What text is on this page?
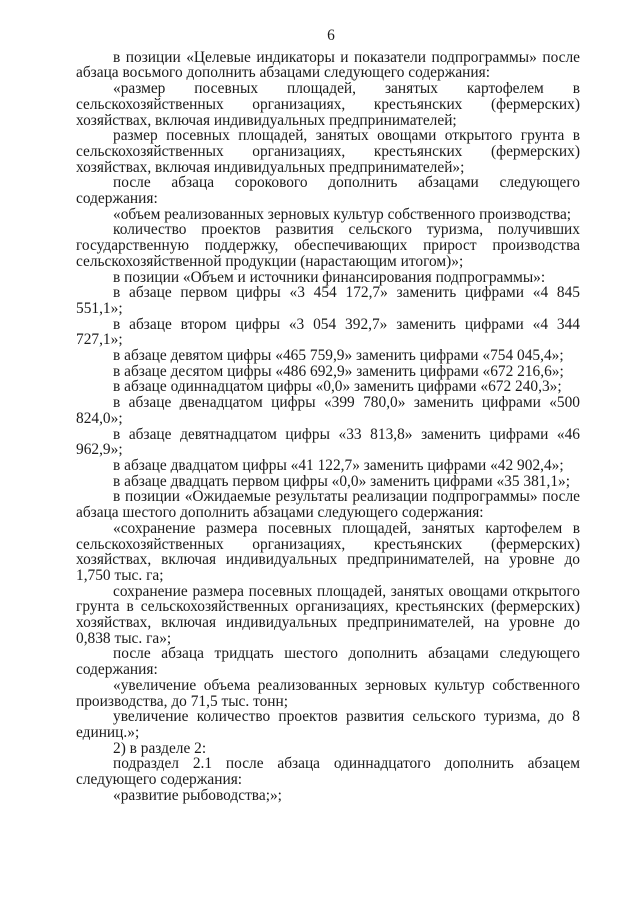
6

в позиции «Целевые индикаторы и показатели подпрограммы» после абзаца восьмого дополнить абзацами следующего содержания:

«размер посевных площадей, занятых картофелем в сельскохозяйственных организациях, крестьянских (фермерских) хозяйствах, включая индивидуальных предпринимателей;

размер посевных площадей, занятых овощами открытого грунта в сельскохозяйственных организациях, крестьянских (фермерских) хозяйствах, включая индивидуальных предпринимателей»;

после абзаца сорокового дополнить абзацами следующего содержания:

«объем реализованных зерновых культур собственного производства;

количество проектов развития сельского туризма, получивших государственную поддержку, обеспечивающих прирост производства сельскохозяйственной продукции (нарастающим итогом)»;

в позиции «Объем и источники финансирования подпрограммы»:

в абзаце первом цифры «3 454 172,7» заменить цифрами «4 845 551,1»;

в абзаце втором цифры «3 054 392,7» заменить цифрами «4 344 727,1»;

в абзаце девятом цифры «465 759,9» заменить цифрами «754 045,4»;

в абзаце десятом цифры «486 692,9» заменить цифрами «672 216,6»;

в абзаце одиннадцатом цифры «0,0» заменить цифрами «672 240,3»;

в абзаце двенадцатом цифры «399 780,0» заменить цифрами «500 824,0»;

в абзаце девятнадцатом цифры «33 813,8» заменить цифрами «46 962,9»;

в абзаце двадцатом цифры «41 122,7» заменить цифрами «42 902,4»;

в абзаце двадцать первом цифры «0,0» заменить цифрами «35 381,1»;

в позиции «Ожидаемые результаты реализации подпрограммы» после абзаца шестого дополнить абзацами следующего содержания:

«сохранение размера посевных площадей, занятых картофелем в сельскохозяйственных организациях, крестьянских (фермерских) хозяйствах, включая индивидуальных предпринимателей, на уровне до 1,750 тыс. га;

сохранение размера посевных площадей, занятых овощами открытого грунта в сельскохозяйственных организациях, крестьянских (фермерских) хозяйствах, включая индивидуальных предпринимателей, на уровне до 0,838 тыс. га»;

после абзаца тридцать шестого дополнить абзацами следующего содержания:

«увеличение объема реализованных зерновых культур собственного производства, до 71,5 тыс. тонн;

увеличение количество проектов развития сельского туризма, до 8 единиц.»;

2) в разделе 2:

подраздел 2.1 после абзаца одиннадцатого дополнить абзацем следующего содержания:

«развитие рыбоводства;»;
